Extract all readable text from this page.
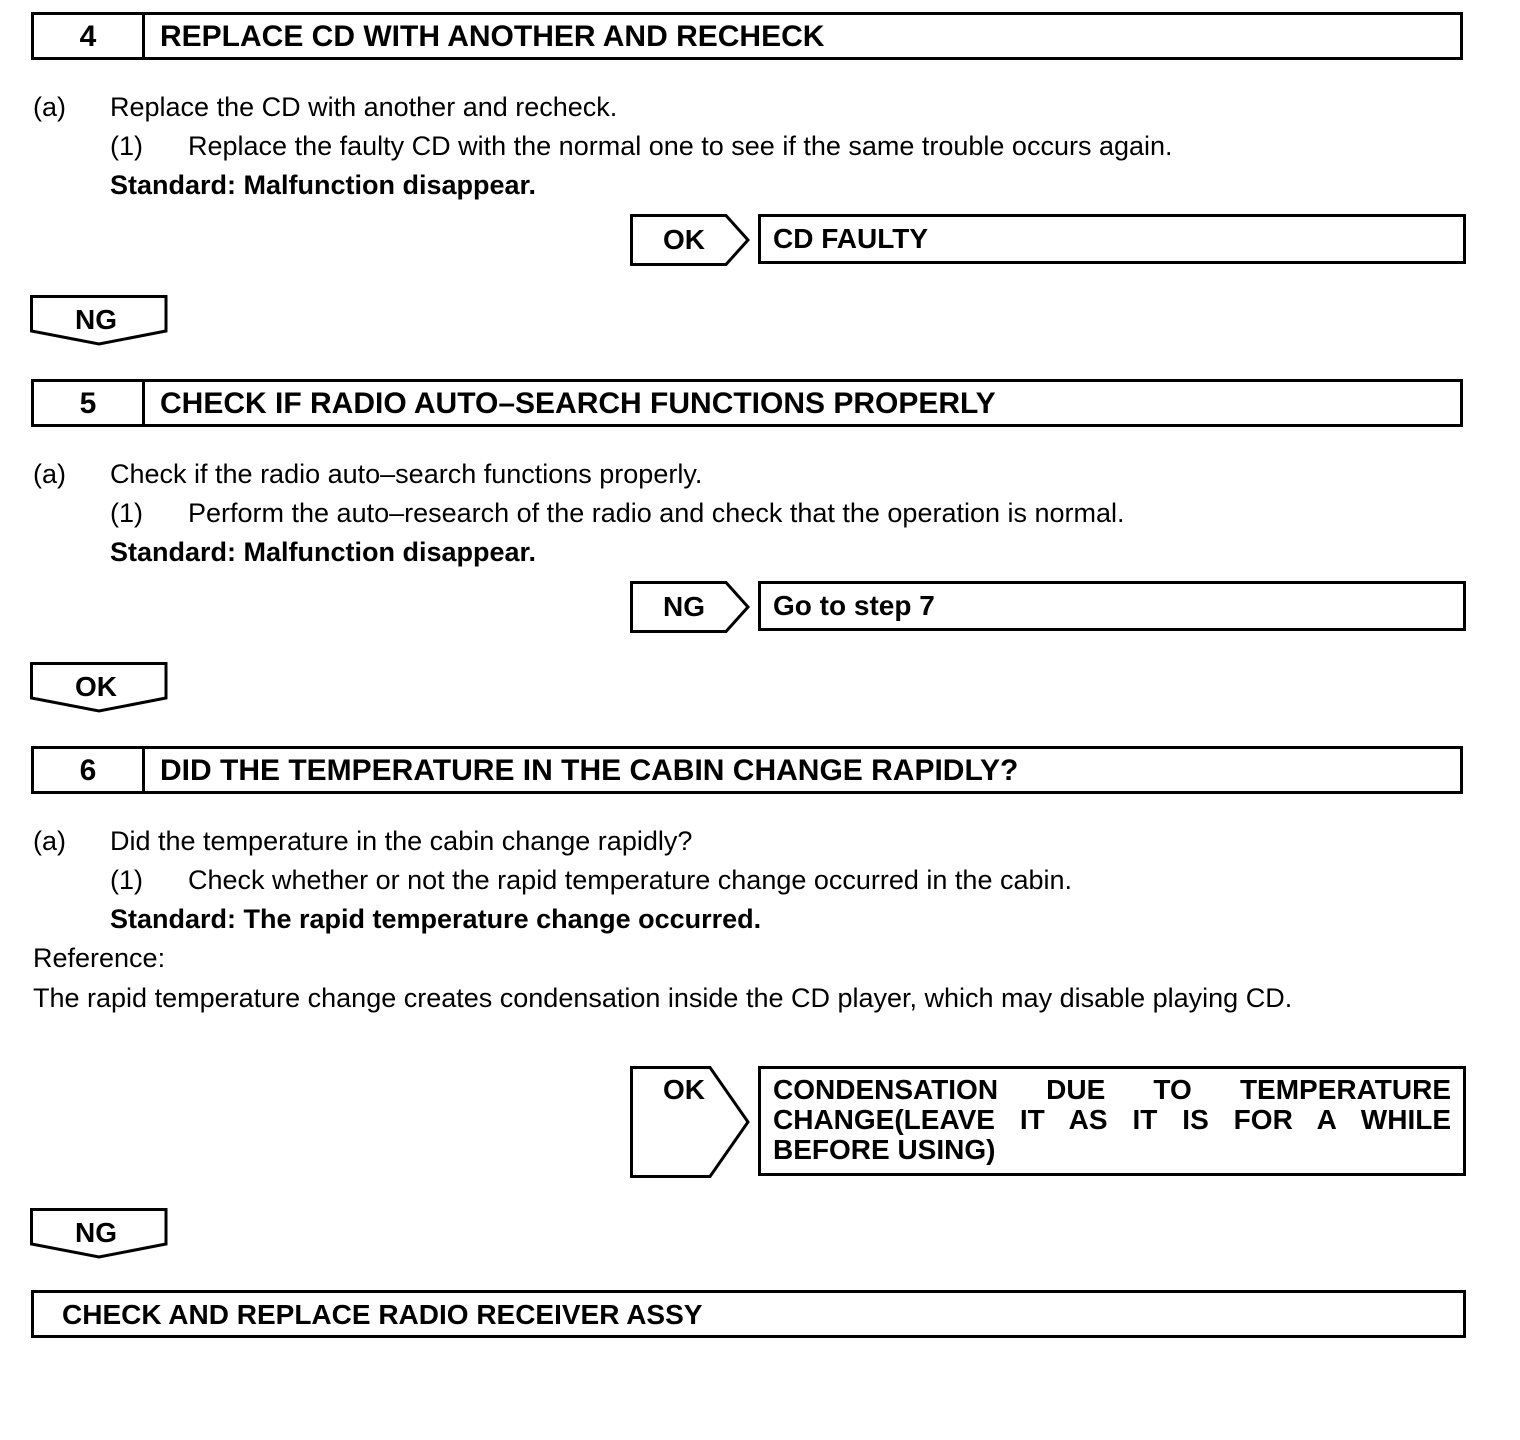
4	REPLACE CD WITH ANOTHER AND RECHECK
(a) Replace the CD with another and recheck.
(1) Replace the faulty CD with the normal one to see if the same trouble occurs again.
Standard: Malfunction disappear.
OK	CD FAULTY
NG
5	CHECK IF RADIO AUTO–SEARCH FUNCTIONS PROPERLY
(a) Check if the radio auto–search functions properly.
(1) Perform the auto–research of the radio and check that the operation is normal.
Standard: Malfunction disappear.
NG	Go to step 7
OK
6	DID THE TEMPERATURE IN THE CABIN CHANGE RAPIDLY?
(a) Did the temperature in the cabin change rapidly?
(1) Check whether or not the rapid temperature change occurred in the cabin.
Standard: The rapid temperature change occurred.
Reference:
The rapid temperature change creates condensation inside the CD player, which may disable playing CD.
OK	CONDENSATION DUE TO TEMPERATURE CHANGE(LEAVE IT AS IT IS FOR A WHILE BEFORE USING)
NG
CHECK AND REPLACE RADIO RECEIVER ASSY
